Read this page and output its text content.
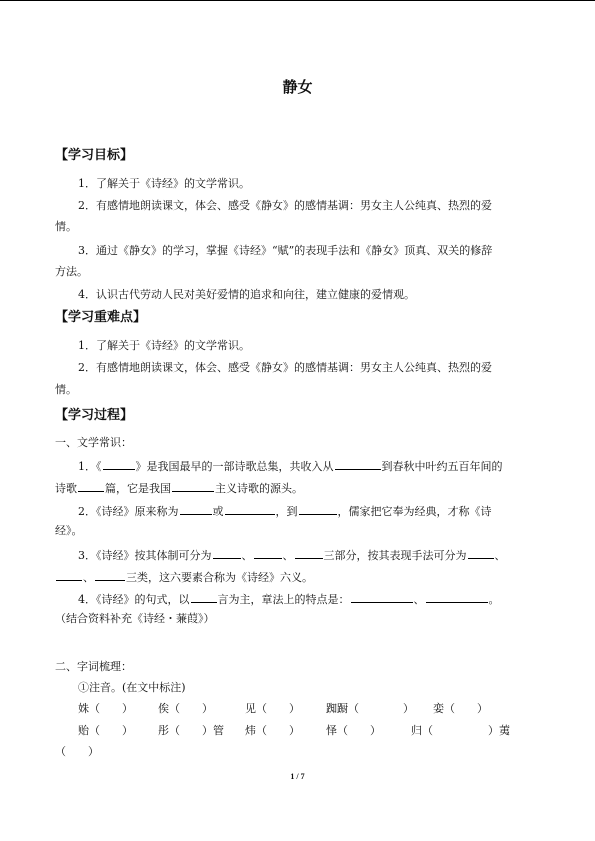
静女
【学习目标】
1．了解关于《诗经》的文学常识。
2．有感情地朗读课文，体会、感受《静女》的感情基调：男女主人公纯真、热烈的爱
情。
3．通过《静女》的学习，掌握《诗经》“赋”的表现手法和《静女》顶真、双关的修辞
方法。
4．认识古代劳动人民对美好爱情的追求和向往，建立健康的爱情观。
【学习重难点】
1．了解关于《诗经》的文学常识。
2．有感情地朗读课文，体会、感受《静女》的感情基调：男女主人公纯真、热烈的爱
情。
【学习过程】
一、文学常识：
1．《	》是我国最早的一部诗歌总集，共收入从	到春秋中叶约五百年间的
诗歌	篇，它是我国	主义诗歌的源头。
2．《诗经》原来称为	或	，到	，儒家把它奉为经典，才称《诗
经》。
3．《诗经》按其体制可分为	、	、	三部分，按其表现手法可分为	、
、	三类，这六要素合称为《诗经》六义。
4．《诗经》的句式，以	言为主，章法上的特点是：	、	。
（结合资料补充《诗经・蒹葭》）
二、字词梳理：
①注音。(在文中标注)
姝（　　） 俟（　　）	见（　　） 踟蹰（　　　　） 娈（　　）
贻（　　） 彤（　　）管 炜（　　） 怿（　　）	归（　　　　　）荑
（　　）
1 / 7
